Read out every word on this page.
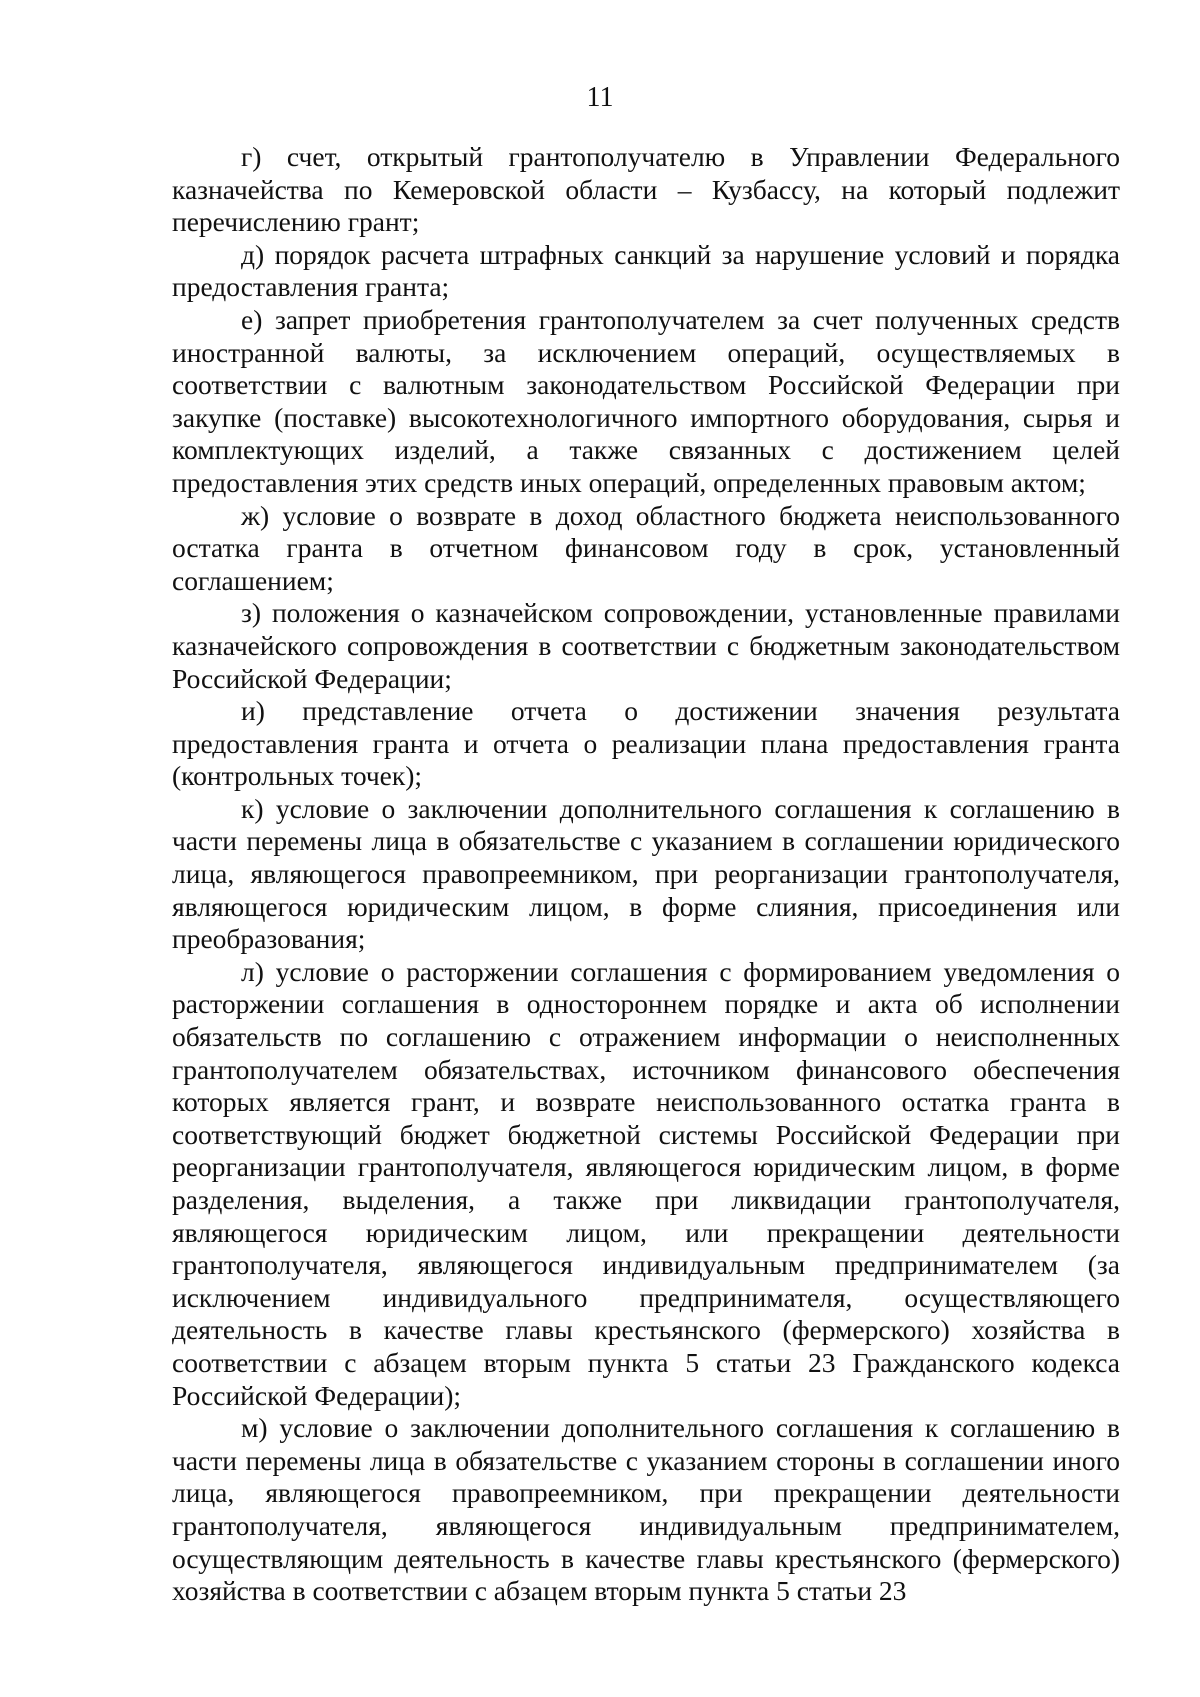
11

г) счет, открытый грантополучателю в Управлении Федерального казначейства по Кемеровской области – Кузбассу, на который подлежит перечислению грант;

д) порядок расчета штрафных санкций за нарушение условий и порядка предоставления гранта;

е) запрет приобретения грантополучателем за счет полученных средств иностранной валюты, за исключением операций, осуществляемых в соответствии с валютным законодательством Российской Федерации при закупке (поставке) высокотехнологичного импортного оборудования, сырья и комплектующих изделий, а также связанных с достижением целей предоставления этих средств иных операций, определенных правовым актом;

ж) условие о возврате в доход областного бюджета неиспользованного остатка гранта в отчетном финансовом году в срок, установленный соглашением;

з) положения о казначейском сопровождении, установленные правилами казначейского сопровождения в соответствии с бюджетным законодательством Российской Федерации;

и) представление отчета о достижении значения результата предоставления гранта и отчета о реализации плана предоставления гранта (контрольных точек);

к) условие о заключении дополнительного соглашения к соглашению в части перемены лица в обязательстве с указанием в соглашении юридического лица, являющегося правопреемником, при реорганизации грантополучателя, являющегося юридическим лицом, в форме слияния, присоединения или преобразования;

л) условие о расторжении соглашения с формированием уведомления о расторжении соглашения в одностороннем порядке и акта об исполнении обязательств по соглашению с отражением информации о неисполненных грантополучателем обязательствах, источником финансового обеспечения которых является грант, и возврате неиспользованного остатка гранта в соответствующий бюджет бюджетной системы Российской Федерации при реорганизации грантополучателя, являющегося юридическим лицом, в форме разделения, выделения, а также при ликвидации грантополучателя, являющегося юридическим лицом, или прекращении деятельности грантополучателя, являющегося индивидуальным предпринимателем (за исключением индивидуального предпринимателя, осуществляющего деятельность в качестве главы крестьянского (фермерского) хозяйства в соответствии с абзацем вторым пункта 5 статьи 23 Гражданского кодекса Российской Федерации);

м) условие о заключении дополнительного соглашения к соглашению в части перемены лица в обязательстве с указанием стороны в соглашении иного лица, являющегося правопреемником, при прекращении деятельности грантополучателя, являющегося индивидуальным предпринимателем, осуществляющим деятельность в качестве главы крестьянского (фермерского) хозяйства в соответствии с абзацем вторым пункта 5 статьи 23
